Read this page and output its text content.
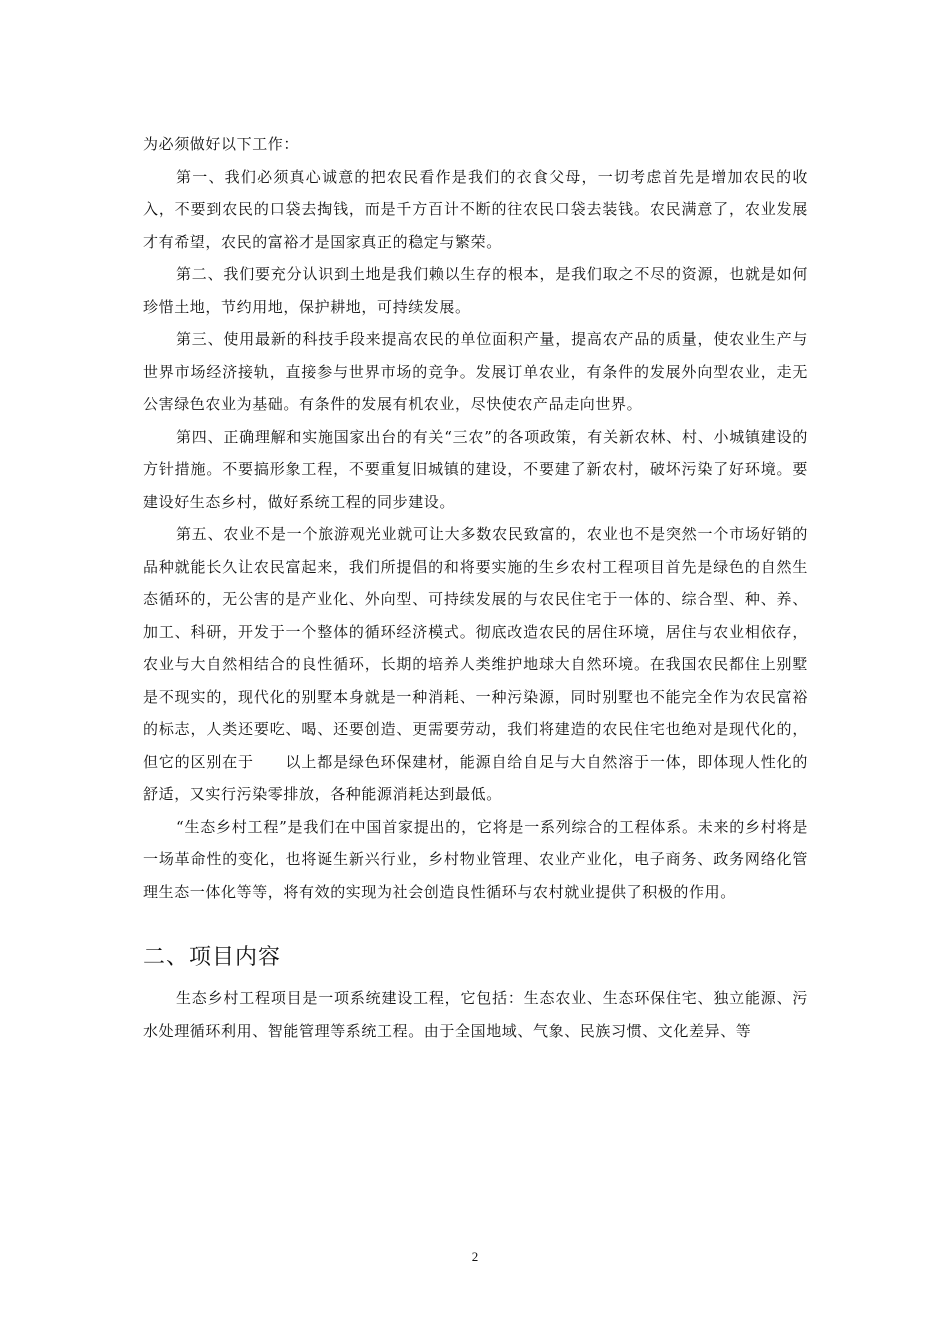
为必须做好以下工作：

第一、我们必须真心诚意的把农民看作是我们的衣食父母，一切考虑首先是增加农民的收入，不要到农民的口袋去掏钱，而是千方百计不断的往农民口袋去装钱。农民满意了，农业发展才有希望，农民的富裕才是国家真正的稳定与繁荣。

第二、我们要充分认识到土地是我们赖以生存的根本，是我们取之不尽的资源，也就是如何珍惜土地，节约用地，保护耕地，可持续发展。

第三、使用最新的科技手段来提高农民的单位面积产量，提高农产品的质量，使农业生产与世界市场经济接轨，直接参与世界市场的竞争。发展订单农业，有条件的发展外向型农业，走无公害绿色农业为基础。有条件的发展有机农业，尽快使农产品走向世界。

第四、正确理解和实施国家出台的有关“三农”的各项政策，有关新农林、村、小城镇建设的方针措施。不要搞形象工程，不要重复旧城镇的建设，不要建了新农村，破坏污染了好环境。要建设好生态乡村，做好系统工程的同步建设。

第五、农业不是一个旅游观光业就可让大多数农民致富的，农业也不是突然一个市场好销的品种就能长久让农民富起来，我们所提倡的和将要实施的生乡农村工程项目首先是绿色的自然生态循环的，无公害的是产业化、外向型、可持续发展的与农民住宅于一体的、综合型、种、养、加工、科研，开发于一个整体的循环经济模式。彻底改造农民的居住环境，居住与农业相依存，农业与大自然相结合的良性循环，长期的培养人类维护地球大自然环境。在我国农民都住上别墅是不现实的，现代化的别墅本身就是一种消耗、一种污染源，同时别墅也不能完全作为农民富裕的标志，人类还要吃、喝、还要创造、更需要劳动，我们将建造的农民住宅也绝对是现代化的，但它的区别在于　　以上都是绿色环保建材，能源自给自足与大自然溶于一体，即体现人性化的舒适，又实行污染零排放，各种能源消耗达到最低。

“生态乡村工程”是我们在中国首家提出的，它将是一系列综合的工程体系。未来的乡村将是一场革命性的变化，也将诞生新兴行业，乡村物业管理、农业产业化，电子商务、政务网络化管理生态一体化等等，将有效的实现为社会创造良性循环与农村就业提供了积极的作用。

二、项目内容

生态乡村工程项目是一项系统建设工程，它包括：生态农业、生态环保住宅、独立能源、污水处理循环利用、智能管理等系统工程。由于全国地域、气象、民族习惯、文化差异、等

2
